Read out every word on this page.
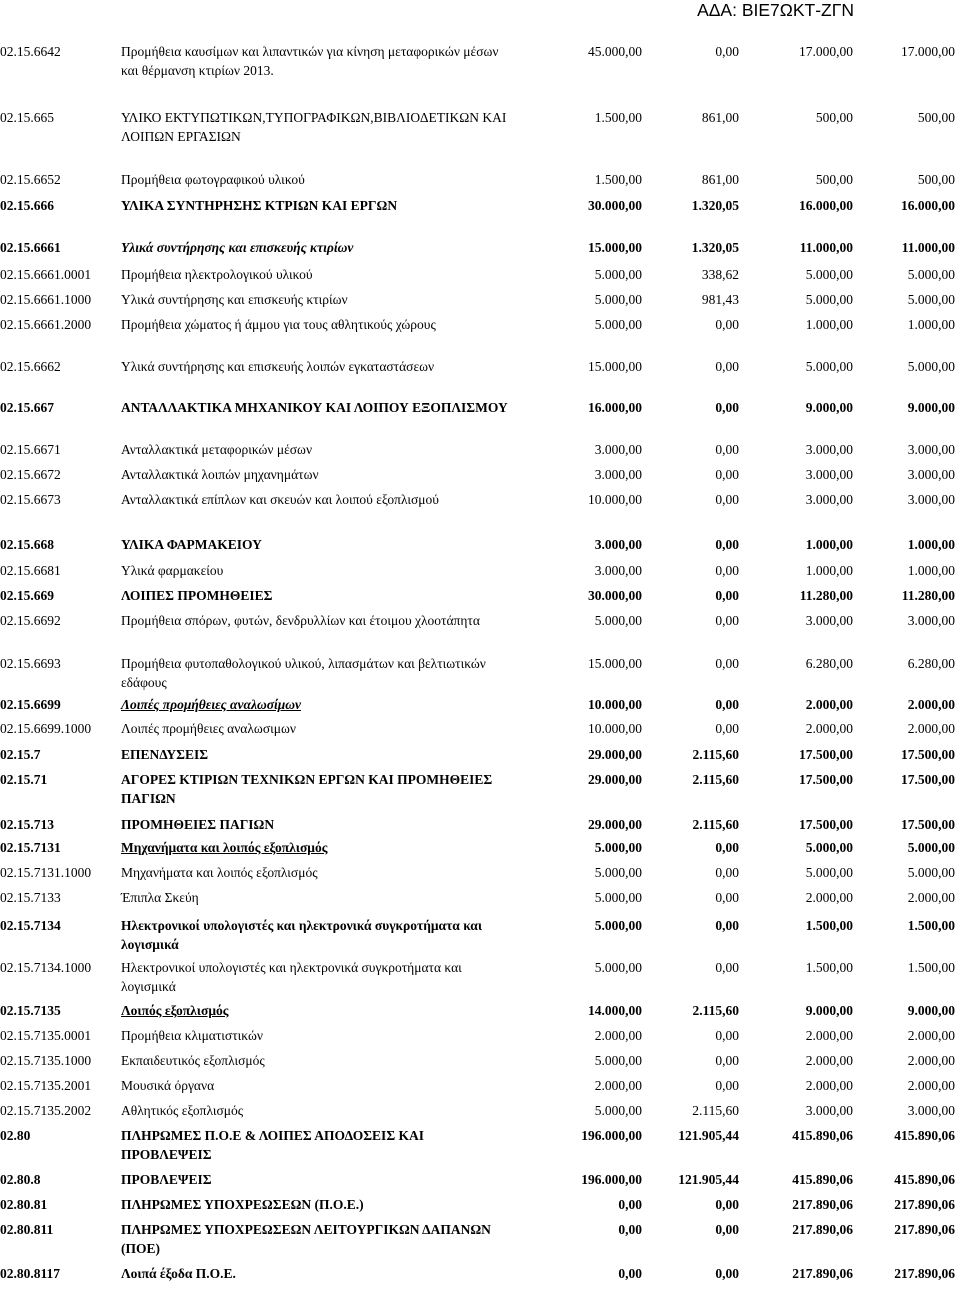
ΑΔΑ: ΒΙΕ7ΩΚΤ-ΖΓΝ
02.15.6642	Προμήθεια καυσίμων και λιπαντικών για κίνηση μεταφορικών μέσων και θέρμανση κτιρίων 2013.
45.000,00	0,00	17.000,00	17.000,00
02.15.665	ΥΛΙΚΟ ΕΚΤΥΠΩΤΙΚΩΝ,ΤΥΠΟΓΡΑΦΙΚΩΝ,ΒΙΒΛΙΟΔΕΤΙΚΩΝ ΚΑΙ ΛΟΙΠΩΝ ΕΡΓΑΣΙΩΝ
1.500,00	861,00	500,00	500,00
02.15.6652	Προμήθεια φωτογραφικού υλικού	1.500,00	861,00	500,00	500,00
02.15.666	ΥΛΙΚΑ ΣΥΝΤΗΡΗΣΗΣ ΚΤΡΙΩΝ ΚΑΙ ΕΡΓΩΝ	30.000,00	1.320,05	16.000,00	16.000,00
02.15.6661	Υλικά συντήρησης και επισκευής κτιρίων	15.000,00	1.320,05	11.000,00	11.000,00
02.15.6661.0001 Προμήθεια ηλεκτρολογικού υλικού	5.000,00	338,62	5.000,00	5.000,00
02.15.6661.1000 Υλικά συντήρησης και επισκευής κτιρίων	5.000,00	981,43	5.000,00	5.000,00
02.15.6661.2000 Προμήθεια χώματος ή άμμου για τους αθλητικούς χώρους	5.000,00	0,00	1.000,00	1.000,00
02.15.6662	Υλικά συντήρησης και επισκευής λοιπών εγκαταστάσεων	15.000,00	0,00	5.000,00	5.000,00
02.15.667	ΑΝΤΑΛΛΑΚΤΙΚΑ ΜΗΧΑΝΙΚΟΥ ΚΑΙ ΛΟΙΠΟΥ ΕΞΟΠΛΙΣΜΟΥ	16.000,00	0,00	9.000,00	9.000,00
02.15.6671	Ανταλλακτικά μεταφορικών μέσων	3.000,00	0,00	3.000,00	3.000,00
02.15.6672	Ανταλλακτικά λοιπών μηχανημάτων	3.000,00	0,00	3.000,00	3.000,00
02.15.6673	Ανταλλακτικά επίπλων και σκευών και λοιπού εξοπλισμού	10.000,00	0,00	3.000,00	3.000,00
02.15.668	ΥΛΙΚΑ ΦΑΡΜΑΚΕΙΟΥ	3.000,00	0,00	1.000,00	1.000,00
02.15.6681	Υλικά φαρμακείου	3.000,00	0,00	1.000,00	1.000,00
02.15.669	ΛΟΙΠΕΣ ΠΡΟΜΗΘΕΙΕΣ	30.000,00	0,00	11.280,00	11.280,00
02.15.6692	Προμήθεια σπόρων, φυτών, δενδρυλλίων και έτοιμου χλοοτάπητα	5.000,00	0,00	3.000,00	3.000,00
02.15.6693	Προμήθεια φυτοπαθολογικού υλικού, λιπασμάτων και βελτιωτικών εδάφους
15.000,00	0,00	6.280,00	6.280,00
02.15.6699	Λοιπές προμήθειες αναλωσίμων	10.000,00	0,00	2.000,00	2.000,00
02.15.6699.1000 Λοιπές προμήθειες αναλωσιμων	10.000,00	0,00	2.000,00	2.000,00
02.15.7	ΕΠΕΝΔΥΣΕΙΣ	29.000,00	2.115,60	17.500,00	17.500,00
02.15.71	ΑΓΟΡΕΣ ΚΤΙΡΙΩΝ ΤΕΧΝΙΚΩΝ ΕΡΓΩΝ ΚΑΙ ΠΡΟΜΗΘΕΙΕΣ ΠΑΓΙΩΝ
29.000,00	2.115,60	17.500,00	17.500,00
02.15.713	ΠΡΟΜΗΘΕΙΕΣ ΠΑΓΙΩΝ	29.000,00	2.115,60	17.500,00	17.500,00
02.15.7131	Μηχανήματα και λοιπός εξοπλισμός	5.000,00	0,00	5.000,00	5.000,00
02.15.7131.1000 Μηχανήματα και λοιπός εξοπλισμός	5.000,00	0,00	5.000,00	5.000,00
02.15.7133	Έπιπλα Σκεύη	5.000,00	0,00	2.000,00	2.000,00
02.15.7134	Ηλεκτρονικοί υπολογιστές και ηλεκτρονικά συγκροτήματα και λογισμικά
5.000,00	0,00	1.500,00	1.500,00
02.15.7134.1000 Ηλεκτρονικοί υπολογιστές και ηλεκτρονικά συγκροτήματα και λογισμικά
5.000,00	0,00	1.500,00	1.500,00
02.15.7135	Λοιπός εξοπλισμός	14.000,00	2.115,60	9.000,00	9.000,00
02.15.7135.0001 Προμήθεια κλιματιστικών	2.000,00	0,00	2.000,00	2.000,00
02.15.7135.1000 Εκπαιδευτικός εξοπλισμός	5.000,00	0,00	2.000,00	2.000,00
02.15.7135.2001 Μουσικά όργανα	2.000,00	0,00	2.000,00	2.000,00
02.15.7135.2002 Αθλητικός εξοπλισμός	5.000,00	2.115,60	3.000,00	3.000,00
02.80	ΠΛΗΡΩΜΕΣ Π.Ο.Ε & ΛΟΙΠΕΣ ΑΠΟΔΟΣΕΙΣ ΚΑΙ ΠΡΟΒΛΕΨΕΙΣ
196.000,00	121.905,44	415.890,06	415.890,06
02.80.8	ΠΡΟΒΛΕΨΕΙΣ	196.000,00	121.905,44	415.890,06	415.890,06
02.80.81	ΠΛΗΡΩΜΕΣ ΥΠΟΧΡΕΩΣΕΩΝ (Π.Ο.Ε.)	0,00	0,00	217.890,06	217.890,06
02.80.811	ΠΛΗΡΩΜΕΣ ΥΠΟΧΡΕΩΣΕΩΝ ΛΕΙΤΟΥΡΓΙΚΩΝ ΔΑΠΑΝΩΝ (ΠΟΕ)
0,00	0,00	217.890,06	217.890,06
02.80.8117	Λοιπά έξοδα Π.Ο.Ε.	0,00	0,00	217.890,06	217.890,06
